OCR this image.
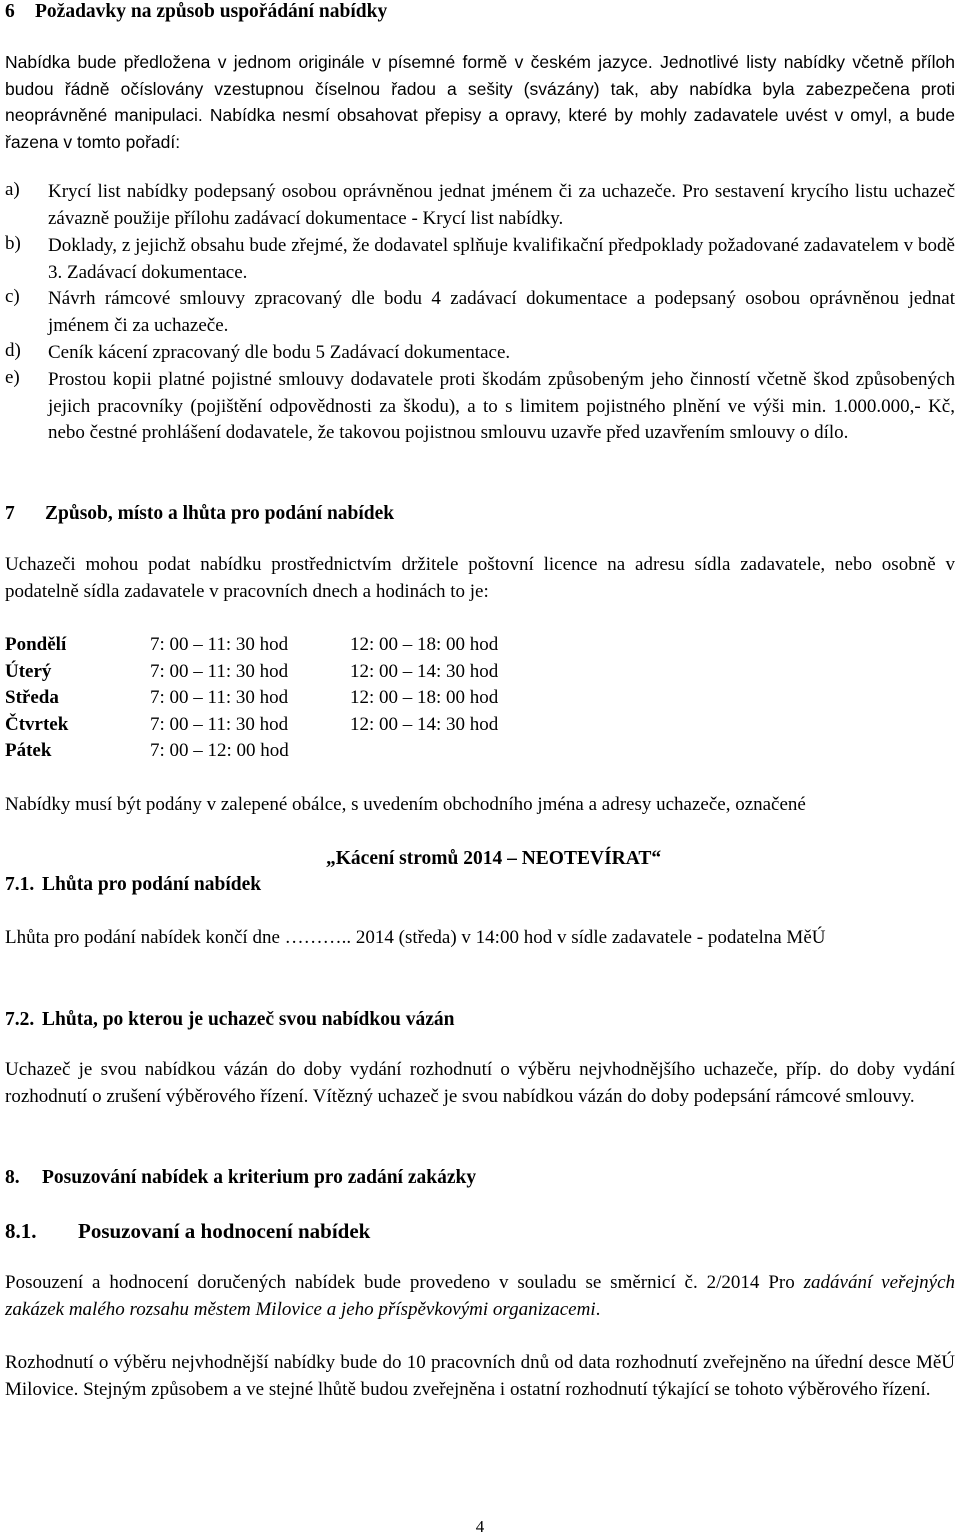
6 Požadavky na způsob uspořádání nabídky
Nabídka bude předložena v jednom originále v písemné formě v českém jazyce. Jednotlivé listy nabídky včetně příloh budou řádně očíslovány vzestupnou číselnou řadou a sešity (svázány) tak, aby nabídka byla zabezpečena proti neoprávněné manipulaci. Nabídka nesmí obsahovat přepisy a opravy, které by mohly zadavatele uvést v omyl, a bude řazena v tomto pořadí:
a)	Krycí list nabídky podepsaný osobou oprávněnou jednat jménem či za uchazeče. Pro sestavení krycího listu uchazeč závazně použije přílohu zadávací dokumentace - Krycí list nabídky.
b)	Doklady, z jejichž obsahu bude zřejmé, že dodavatel splňuje kvalifikační předpoklady požadované zadavatelem v bodě 3. Zadávací dokumentace.
c)	Návrh rámcové smlouvy zpracovaný dle bodu 4 zadávací dokumentace a podepsaný osobou oprávněnou jednat jménem či za uchazeče.
d)	Ceník kácení zpracovaný dle bodu 5 Zadávací dokumentace.
e)	Prostou kopii platné pojistné smlouvy dodavatele proti škodám způsobeným jeho činností včetně škod způsobených jejich pracovníky (pojištění odpovědnosti za škodu), a to s limitem pojistného plnění ve výši min. 1.000.000,- Kč, nebo čestné prohlášení dodavatele, že takovou pojistnou smlouvu uzavře před uzavřením smlouvy o dílo.
7 Způsob, místo a lhůta pro podání nabídek
Uchazeči mohou podat nabídku prostřednictvím držitele poštovní licence na adresu sídla zadavatele, nebo osobně v podatelně sídla zadavatele v pracovních dnech a hodinách to je:
Pondělí	7: 00 – 11: 30 hod	12: 00 – 18: 00 hod
Úterý	7: 00 – 11: 30 hod	12: 00 – 14: 30 hod
Středa	7: 00 – 11: 30 hod	12: 00 – 18: 00 hod
Čtvrtek	7: 00 – 11: 30 hod	12: 00 – 14: 30 hod
Pátek	7: 00 – 12: 00 hod
Nabídky musí být podány v zalepené obálce, s uvedením obchodního jména a adresy uchazeče, označené
„Kácení stromů 2014 – NEOTEVÍRAT“
7.1. Lhůta pro podání nabídek
Lhůta pro podání nabídek končí dne ……….. 2014 (středa) v 14:00 hod v sídle zadavatele - podatelna MěÚ
7.2. Lhůta, po kterou je uchazeč svou nabídkou vázán
Uchazeč je svou nabídkou vázán do doby vydání rozhodnutí o výběru nejvhodnějšího uchazeče, příp. do doby vydání rozhodnutí o zrušení výběrového řízení. Vítězný uchazeč je svou nabídkou vázán do doby podepsání rámcové smlouvy.
8. Posuzování nabídek a kriterium pro zadání zakázky
8.1. Posuzovaní a hodnocení nabídek
Posouzení a hodnocení doručených nabídek bude provedeno v souladu se směrnicí č. 2/2014 Pro zadávání veřejných zakázek malého rozsahu městem Milovice a jeho příspěvkovými organizacemi.
Rozhodnutí o výběru nejvhodnější nabídky bude do 10 pracovních dnů od data rozhodnutí zveřejněno na úřední desce MěÚ Milovice. Stejným způsobem a ve stejné lhůtě budou zveřejněna i ostatní rozhodnutí týkající se tohoto výběrového řízení.
4
